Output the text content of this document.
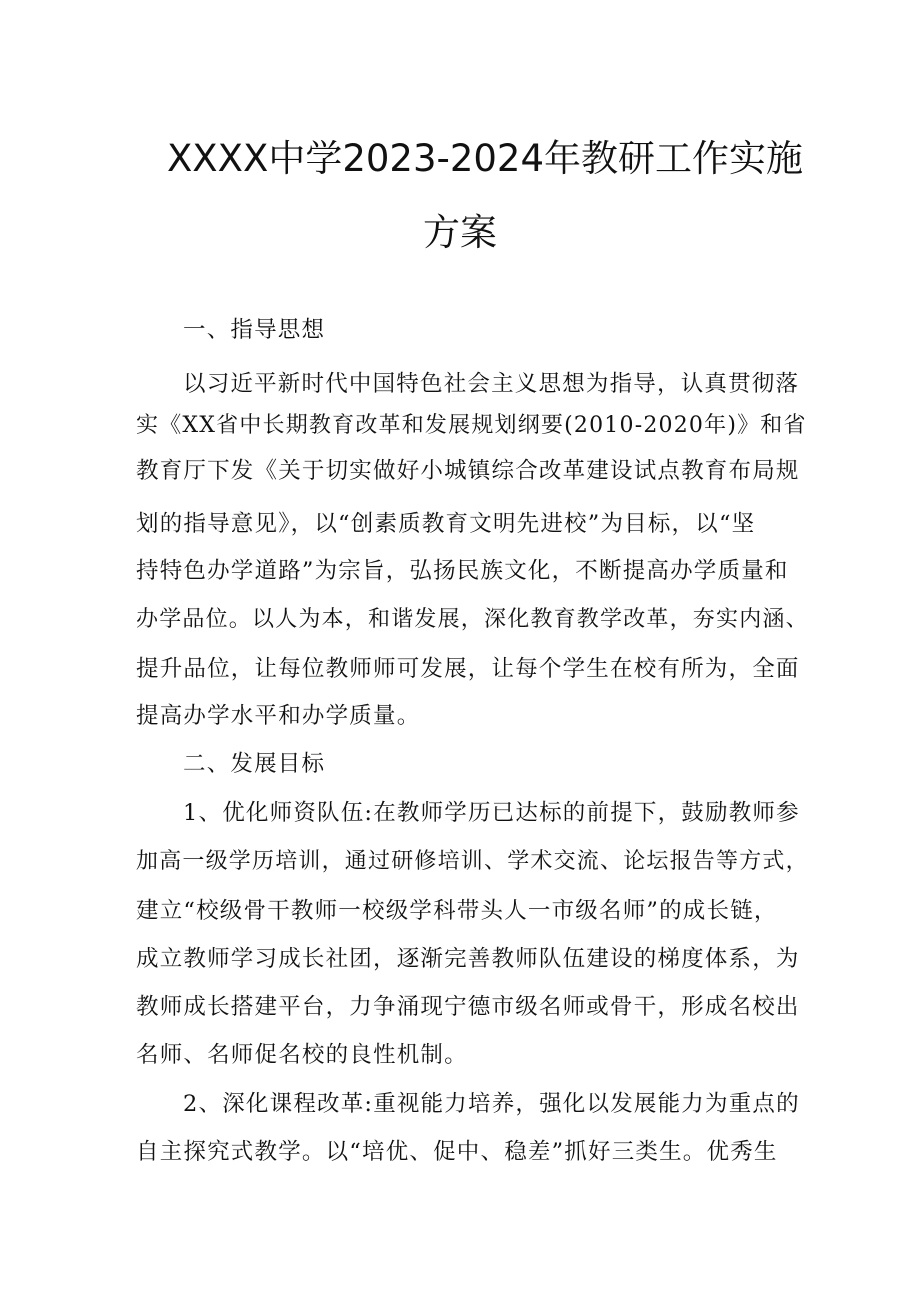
XXXX中学2023-2024年教研工作实施
方案
一、指导思想
以习近平新时代中国特色社会主义思想为指导，认真贯彻落
实《XX省中长期教育改革和发展规划纲要(2010-2020年)》和省
教育厅下发《关于切实做好小城镇综合改革建设试点教育布局规
划的指导意见》，以“创素质教育文明先进校”为目标，以“坚
持特色办学道路”为宗旨，弘扬民族文化，不断提高办学质量和
办学品位。以人为本，和谐发展，深化教育教学改革，夯实内涵、
提升品位，让每位教师师可发展，让每个学生在校有所为，全面
提高办学水平和办学质量。
二、发展目标
1、优化师资队伍:在教师学历已达标的前提下，鼓励教师参
加高一级学历培训，通过研修培训、学术交流、论坛报告等方式，
建立“校级骨干教师一校级学科带头人一市级名师”的成长链，
成立教师学习成长社团，逐渐完善教师队伍建设的梯度体系，为
教师成长搭建平台，力争涌现宁德市级名师或骨干，形成名校出
名师、名师促名校的良性机制。
2、深化课程改革:重视能力培养，强化以发展能力为重点的
自主探究式教学。以“培优、促中、稳差”抓好三类生。优秀生
